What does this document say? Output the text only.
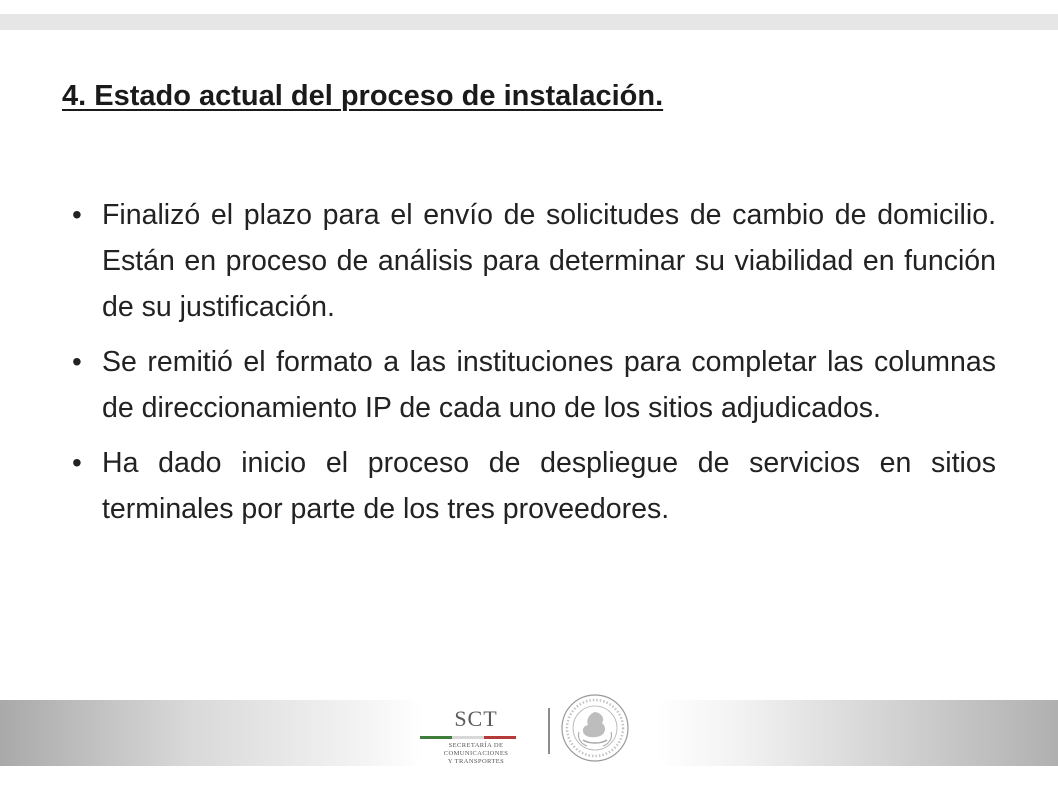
4. Estado actual del proceso de instalación.
• Finalizó el plazo para el envío de solicitudes de cambio de domicilio. Están en proceso de análisis para determinar su viabilidad en función de su justificación.
• Se remitió el formato a las instituciones para completar las columnas de direccionamiento IP de cada uno de los sitios adjudicados.
• Ha dado inicio el proceso de despliegue de servicios en sitios terminales por parte de los tres proveedores.
SCT
SECRETARÍA DE
COMUNICACIONES
Y TRANSPORTES
